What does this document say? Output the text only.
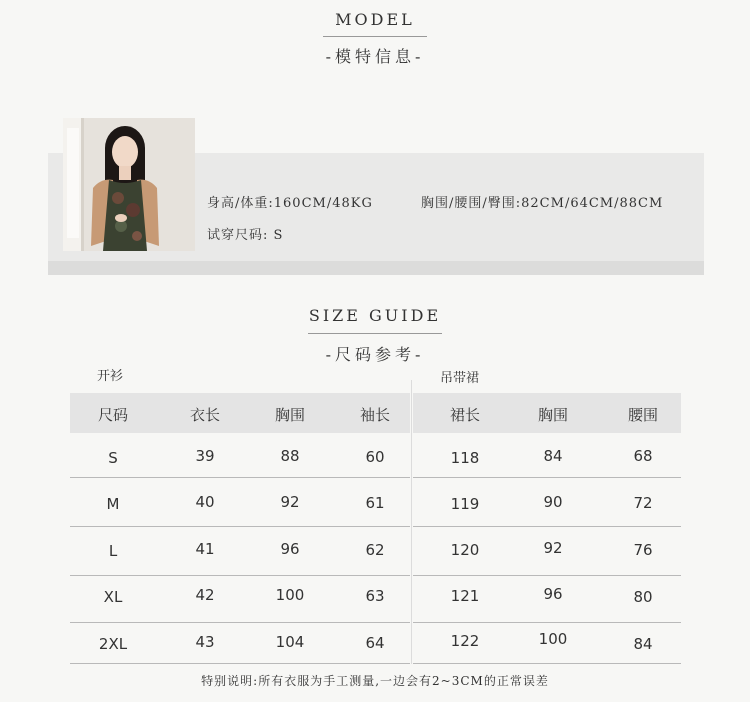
MODEL
-模特信息-
身高/体重:160CM/48KG	胸围/腰围/臀围:82CM/64CM/88CM
试穿尺码: S
SIZE GUIDE
-尺码参考-
开衫	吊带裙
尺码	衣长	胸围	袖长	裙长	胸围	腰围
S	39	88	60	118	84	68
M	40	92	61	119	90	72
L	41	96	62	120	92	76
XL	42	100	63	121	96	80
2XL	43	104	64	122	100	84
特别说明:所有衣服为手工测量,一边会有2~3CM的正常误差
